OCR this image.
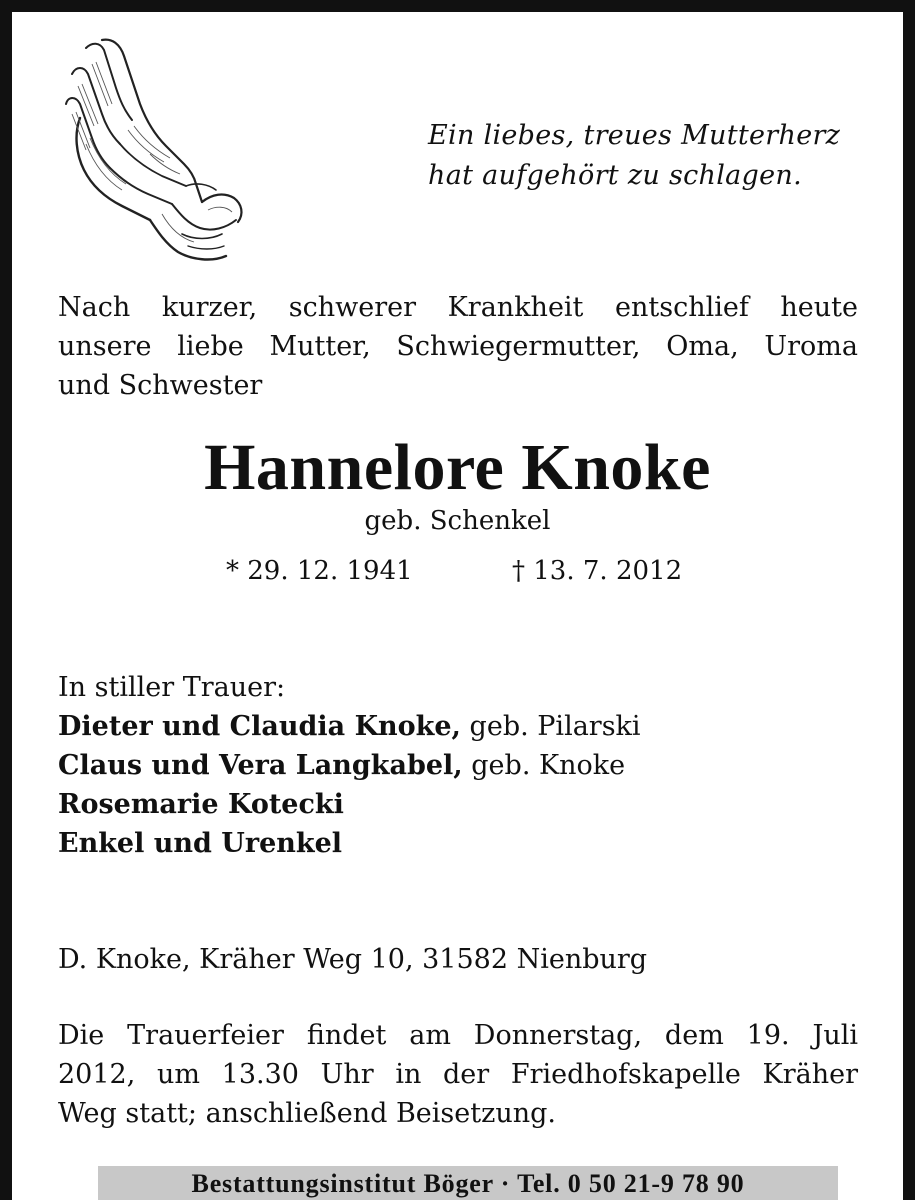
Ein liebes, treues Mutterherz
hat aufgehört zu schlagen.

Nach kurzer, schwerer Krankheit entschlief heute
unsere liebe Mutter, Schwiegermutter, Oma, Uroma
und Schwester

Hannelore Knoke
geb. Schenkel
* 29. 12. 1941	† 13. 7. 2012
In stiller Trauer:
Dieter und Claudia Knoke, geb. Pilarski
Claus und Vera Langkabel, geb. Knoke
Rosemarie Kotecki
Enkel und Urenkel
D. Knoke, Kräher Weg 10, 31582 Nienburg

Die Trauerfeier findet am Donnerstag, dem 19. Juli
2012, um 13.30 Uhr in der Friedhofskapelle Kräher
Weg statt; anschließend Beisetzung.

Bestattungsinstitut Böger · Tel. 0 50 21-9 78 90
